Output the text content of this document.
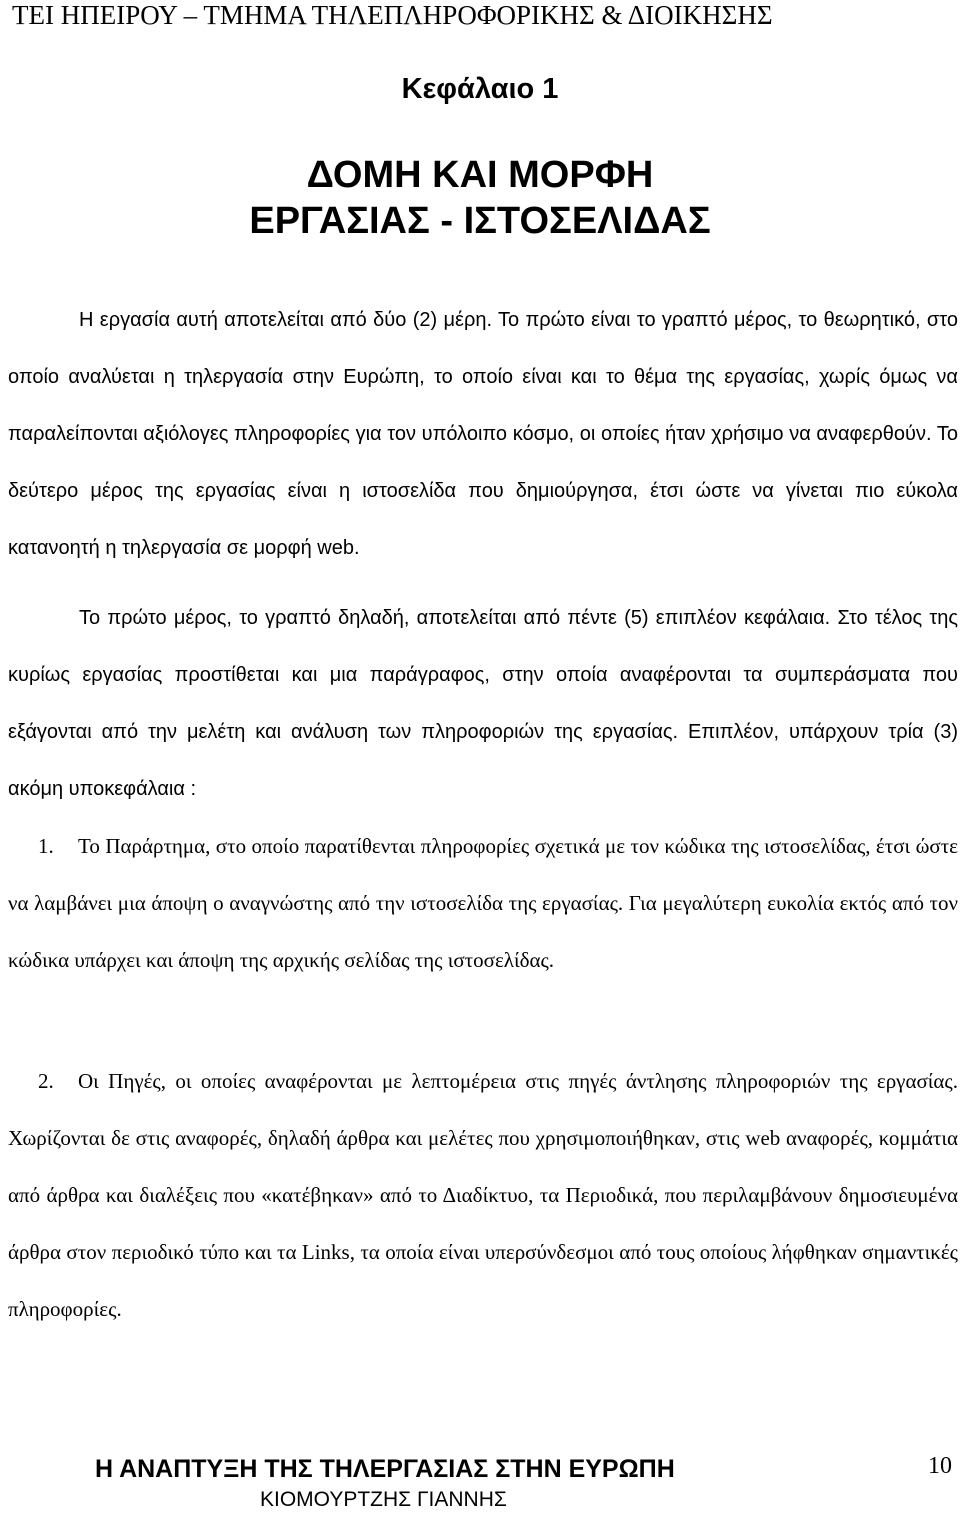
ΤΕΙ ΗΠΕΙΡΟΥ – ΤΜΗΜΑ ΤΗΛΕΠΛΗΡΟΦΟΡΙΚΗΣ & ΔΙΟΙΚΗΣΗΣ
Κεφάλαιο 1
ΔΟΜΗ ΚΑΙ ΜΟΡΦΗ
ΕΡΓΑΣΙΑΣ - ΙΣΤΟΣΕΛΙΔΑΣ
Η εργασία αυτή αποτελείται από δύο (2) μέρη. Το πρώτο είναι το γραπτό μέρος, το θεωρητικό, στο οποίο αναλύεται η τηλεργασία στην Ευρώπη, το οποίο είναι και το θέμα της εργασίας, χωρίς όμως να παραλείπονται αξιόλογες πληροφορίες για τον υπόλοιπο κόσμο, οι οποίες ήταν χρήσιμο να αναφερθούν. Το δεύτερο μέρος της εργασίας είναι η ιστοσελίδα που δημιούργησα, έτσι ώστε να γίνεται πιο εύκολα κατανοητή η τηλεργασία σε μορφή web.
Το πρώτο μέρος, το γραπτό δηλαδή, αποτελείται από πέντε (5) επιπλέον κεφάλαια. Στο τέλος της κυρίως εργασίας προστίθεται και μια παράγραφος, στην οποία αναφέρονται τα συμπεράσματα που εξάγονται από την μελέτη και ανάλυση των πληροφοριών της εργασίας. Επιπλέον, υπάρχουν τρία (3) ακόμη υποκεφάλαια :
1. Το Παράρτημα, στο οποίο παρατίθενται πληροφορίες σχετικά με τον κώδικα της ιστοσελίδας, έτσι ώστε να λαμβάνει μια άποψη ο αναγνώστης από την ιστοσελίδα της εργασίας. Για μεγαλύτερη ευκολία εκτός από τον κώδικα υπάρχει και άποψη της αρχικής σελίδας της ιστοσελίδας.
2. Οι Πηγές, οι οποίες αναφέρονται με λεπτομέρεια στις πηγές άντλησης πληροφοριών της εργασίας. Χωρίζονται δε στις αναφορές, δηλαδή άρθρα και μελέτες που χρησιμοποιήθηκαν, στις web αναφορές, κομμάτια από άρθρα και διαλέξεις που «κατέβηκαν» από το Διαδίκτυο, τα Περιοδικά, που περιλαμβάνουν δημοσιευμένα άρθρα στον περιοδικό τύπο και τα Links, τα οποία είναι υπερσύνδεσμοι από τους οποίους λήφθηκαν σημαντικές πληροφορίες.
Η ΑΝΑΠΤΥΞΗ ΤΗΣ ΤΗΛΕΡΓΑΣΙΑΣ ΣΤΗΝ ΕΥΡΩΠΗ
ΚΙΟΜΟΥΡΤΖΗΣ ΓΙΑΝΝΗΣ
10
